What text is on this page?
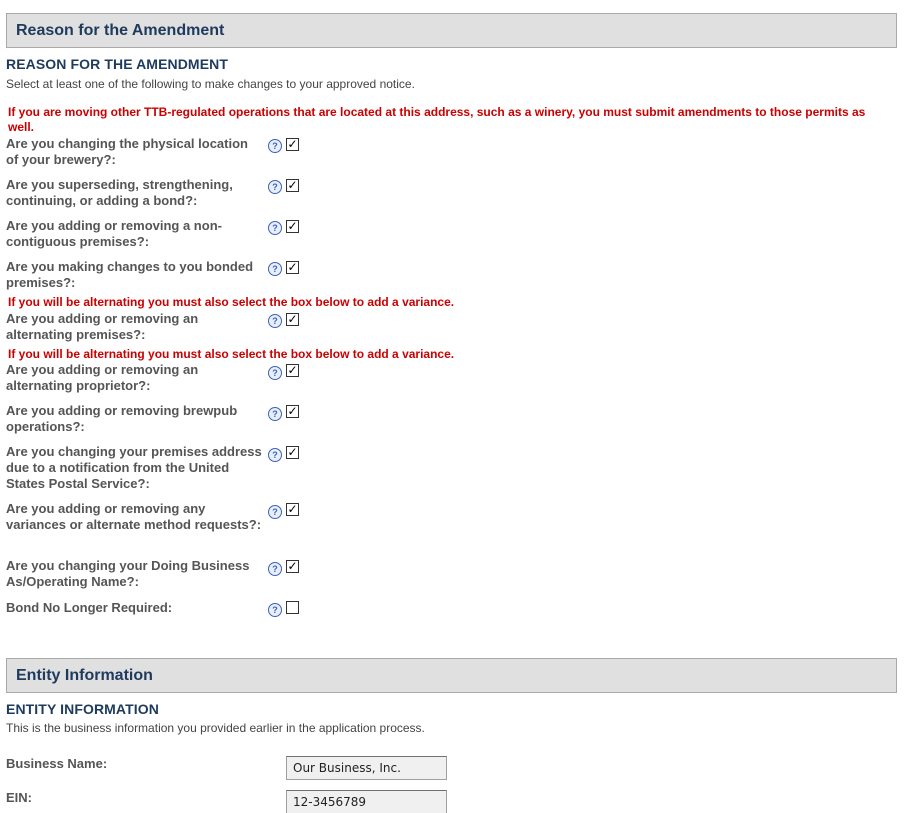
Reason for the Amendment
REASON FOR THE AMENDMENT
Select at least one of the following to make changes to your approved notice.
If you are moving other TTB-regulated operations that are located at this address, such as a winery, you must submit amendments to those permits as well.
Are you changing the physical location of your brewery?:
? ✓
Are you superseding, strengthening, continuing, or adding a bond?:
? ✓
Are you adding or removing a non-contiguous premises?:
? ✓
Are you making changes to you bonded premises?:
? ✓
If you will be alternating you must also select the box below to add a variance.
Are you adding or removing an alternating premises?:
? ✓
If you will be alternating you must also select the box below to add a variance.
Are you adding or removing an alternating proprietor?:
? ✓
Are you adding or removing brewpub operations?:
? ✓
Are you changing your premises address due to a notification from the United States Postal Service?:
? ✓
Are you adding or removing any variances or alternate method requests?:
? ✓
Are you changing your Doing Business As/Operating Name?:
? ✓
Bond No Longer Required:	?
Entity Information
ENTITY INFORMATION
This is the business information you provided earlier in the application process.
Business Name:	Our Business, Inc.
EIN:	12-3456789
